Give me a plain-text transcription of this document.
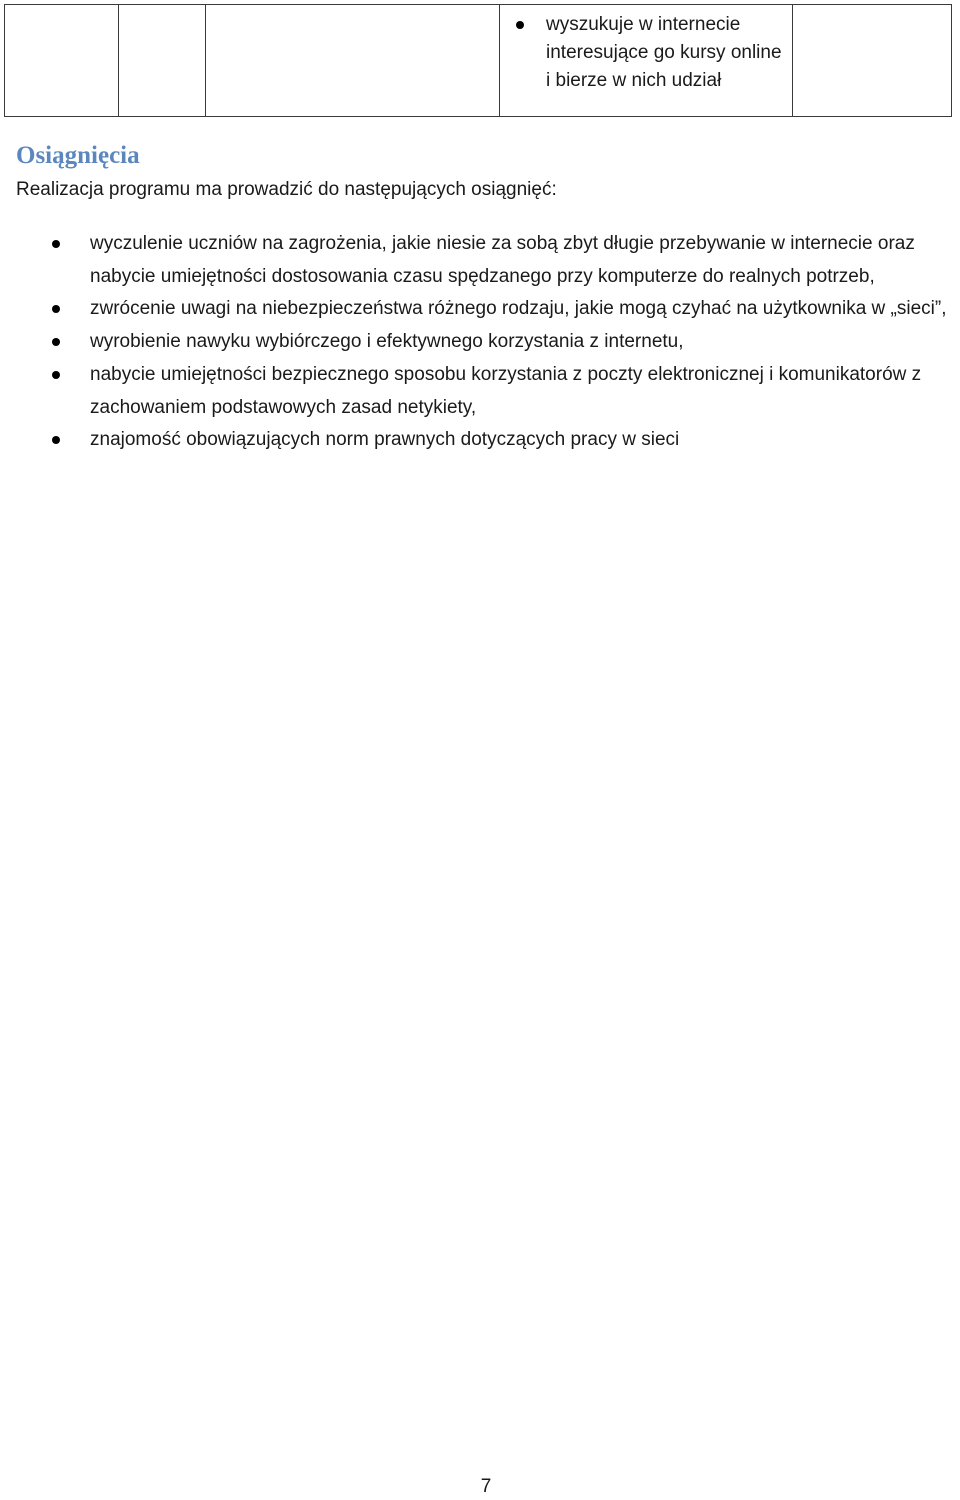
wyszukuje w internecie interesujące go kursy online i bierze w nich udział

Osiągnięcia

Realizacja programu ma prowadzić do następujących osiągnięć:

wyczulenie uczniów na zagrożenia, jakie niesie za sobą zbyt długie przebywanie w internecie oraz nabycie umiejętności dostosowania czasu spędzanego przy komputerze do realnych potrzeb,
zwrócenie uwagi na niebezpieczeństwa różnego rodzaju, jakie mogą czyhać na użytkownika w „sieci”,
wyrobienie nawyku wybiórczego i efektywnego korzystania z internetu,
nabycie umiejętności bezpiecznego sposobu korzystania z poczty elektronicznej i komunikatorów z zachowaniem podstawowych zasad netykiety,
znajomość obowiązujących norm prawnych dotyczących pracy w sieci
7
